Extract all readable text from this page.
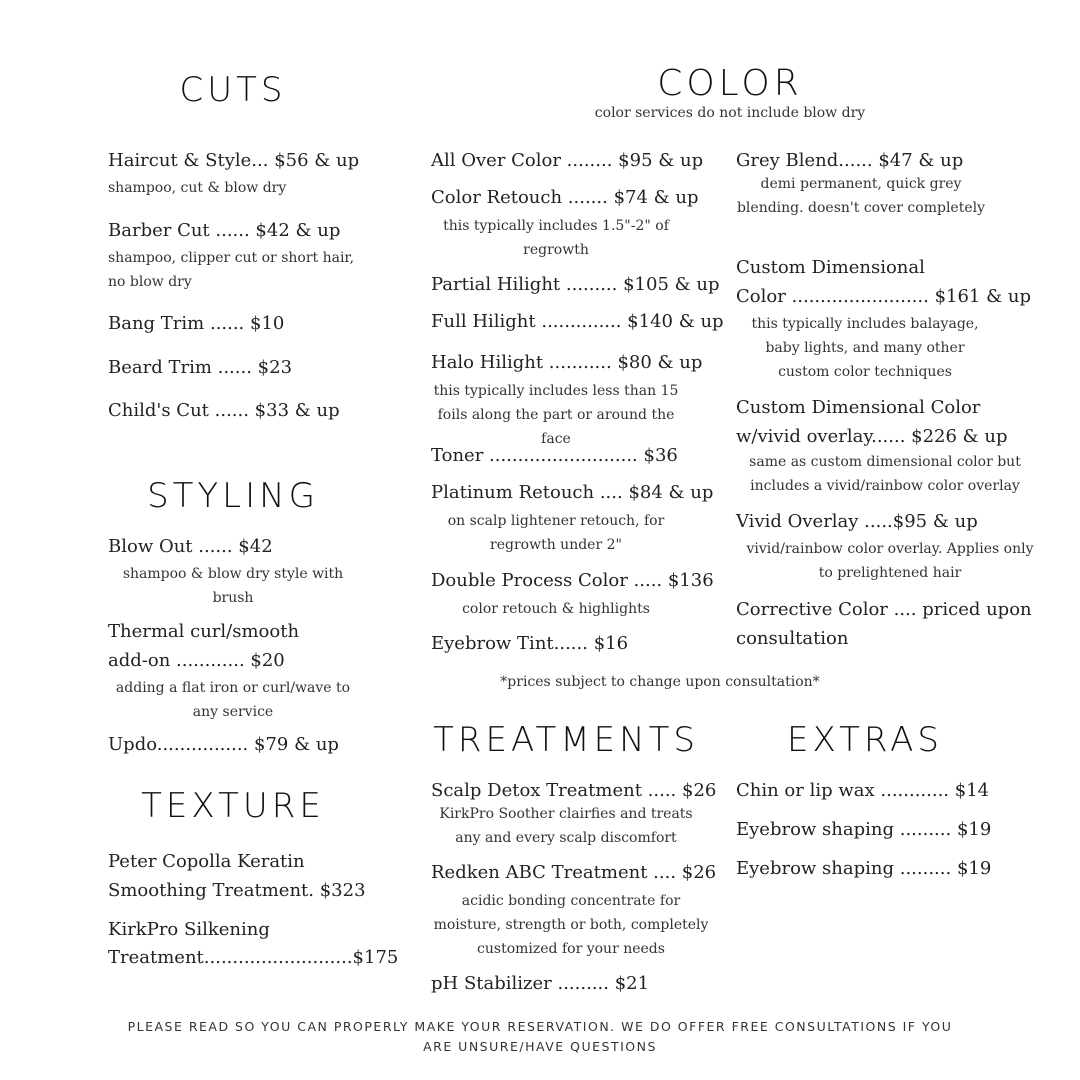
CUTS
Haircut & Style... $56 & up
shampoo, cut & blow dry
Barber Cut ...... $42 & up
shampoo, clipper cut or short hair, no blow dry
Bang Trim ...... $10
Beard Trim ...... $23
Child's Cut ...... $33 & up
STYLING
Blow Out ...... $42
shampoo & blow dry style with brush
Thermal curl/smooth
add-on ............ $20
adding a flat iron or curl/wave to any service
Updo................ $79 & up
TEXTURE
Peter Copolla Keratin
Smoothing Treatment. $323
KirkPro Silkening
Treatment..........................$175
COLOR
color services do not include blow dry
All Over Color ........ $95 & up
Color Retouch ....... $74 & up
this typically includes 1.5"-2" of regrowth
Partial Hilight ......... $105 & up
Full Hilight .............. $140 & up
Halo Hilight ........... $80 & up
this typically includes less than 15 foils along the part or around the face
Toner .......................... $36
Platinum Retouch .... $84 & up
on scalp lightener retouch, for regrowth under 2"
Double Process Color ..... $136
color retouch & highlights
Eyebrow Tint...... $16
Grey Blend...... $47 & up
demi permanent, quick grey blending. doesn't cover completely
Custom Dimensional
Color ........................ $161 & up
this typically includes balayage, baby lights, and many other custom color techniques
Custom Dimensional Color
w/vivid overlay...... $226 & up
same as custom dimensional color but includes a vivid/rainbow color overlay
Vivid Overlay .....$95 & up
vivid/rainbow color overlay. Applies only to prelightened hair
Corrective Color .... priced upon
consultation
*prices subject to change upon consultation*
TREATMENTS
Scalp Detox Treatment ..... $26
KirkPro Soother clairfies and treats any and every scalp discomfort
Redken ABC Treatment .... $26
acidic bonding concentrate for moisture, strength or both, completely customized for your needs
pH Stabilizer ......... $21
EXTRAS
Chin or lip wax ............ $14
Eyebrow shaping ......... $19
Eyebrow shaping ......... $19
PLEASE READ SO YOU CAN PROPERLY MAKE YOUR RESERVATION. WE DO OFFER FREE CONSULTATIONS IF YOU ARE UNSURE/HAVE QUESTIONS
